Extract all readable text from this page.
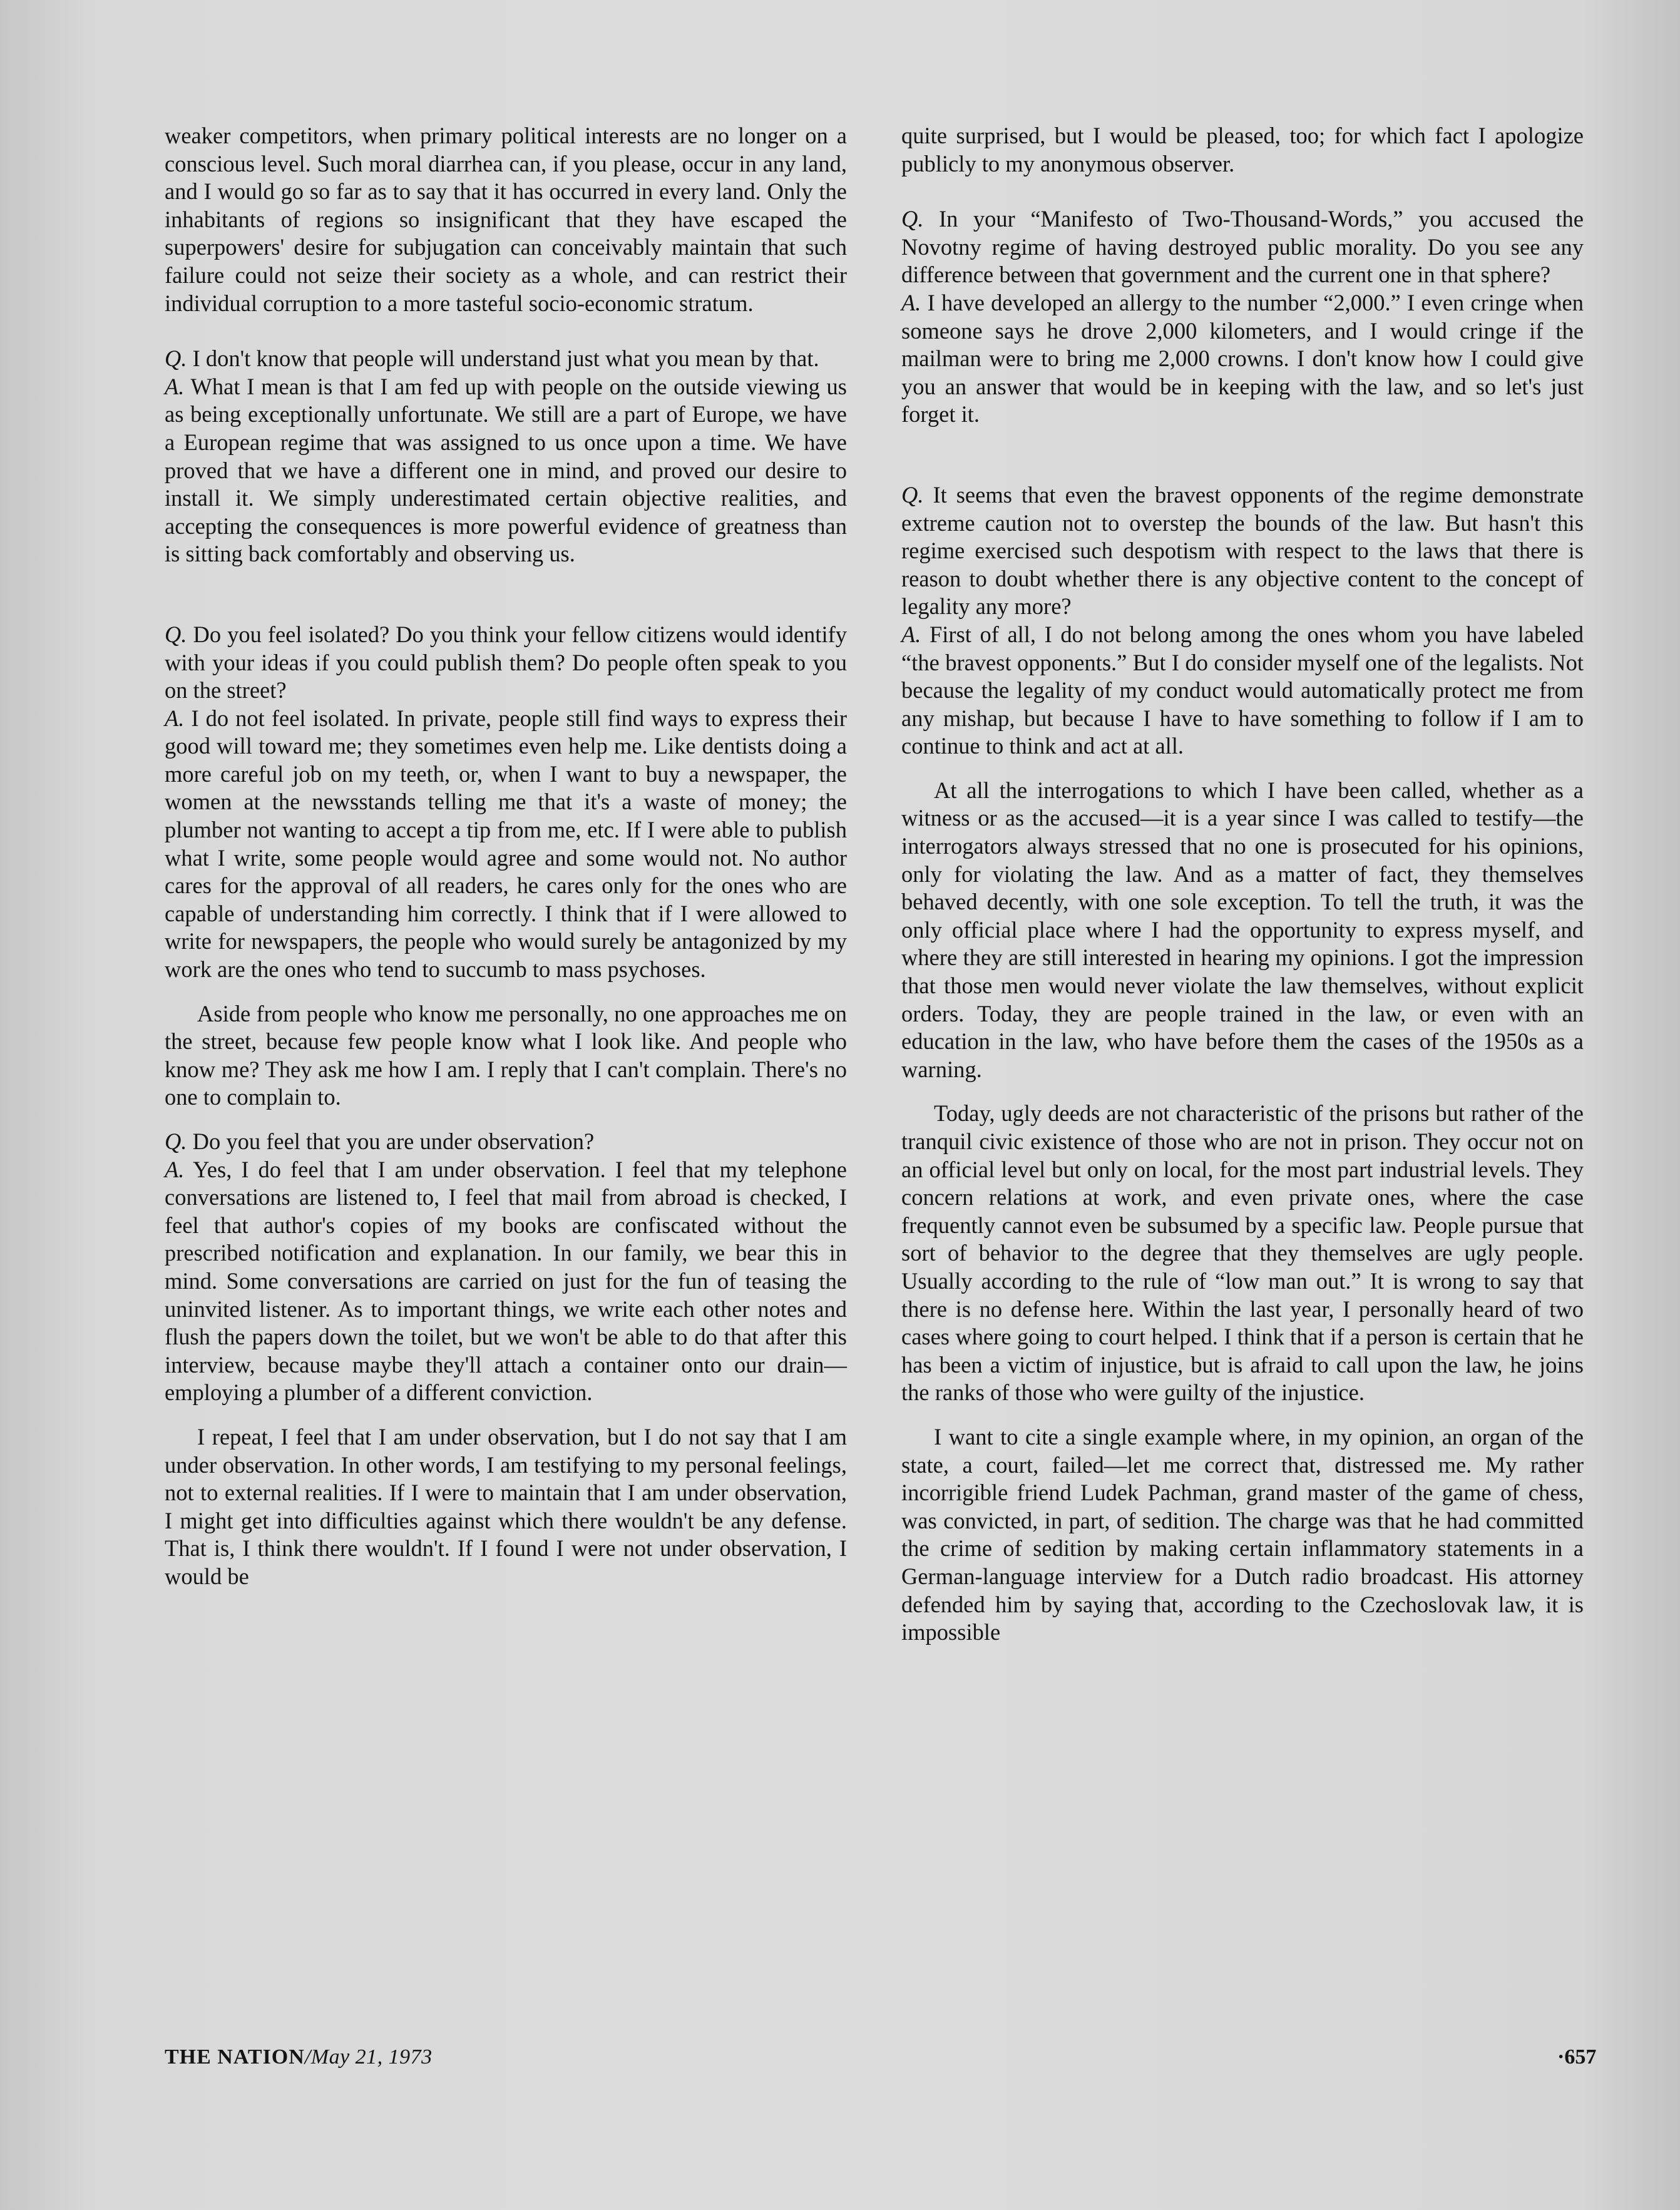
weaker competitors, when primary political interests are no longer on a conscious level. Such moral diarrhea can, if you please, occur in any land, and I would go so far as to say that it has occurred in every land. Only the inhabitants of regions so insignificant that they have escaped the superpowers' desire for subjugation can conceivably maintain that such failure could not seize their society as a whole, and can restrict their individual corruption to a more tasteful socio-economic stratum.

Q. I don't know that people will understand just what you mean by that.

A. What I mean is that I am fed up with people on the outside viewing us as being exceptionally unfortunate. We still are a part of Europe, we have a European regime that was assigned to us once upon a time. We have proved that we have a different one in mind, and proved our desire to install it. We simply underestimated certain objective realities, and accepting the consequences is more powerful evidence of greatness than is sitting back comfortably and observing us.

Q. Do you feel isolated? Do you think your fellow citizens would identify with your ideas if you could publish them? Do people often speak to you on the street?

A. I do not feel isolated. In private, people still find ways to express their good will toward me; they sometimes even help me. Like dentists doing a more careful job on my teeth, or, when I want to buy a newspaper, the women at the newsstands telling me that it's a waste of money; the plumber not wanting to accept a tip from me, etc. If I were able to publish what I write, some people would agree and some would not. No author cares for the approval of all readers, he cares only for the ones who are capable of understanding him correctly. I think that if I were allowed to write for newspapers, the people who would surely be antagonized by my work are the ones who tend to succumb to mass psychoses.

Aside from people who know me personally, no one approaches me on the street, because few people know what I look like. And people who know me? They ask me how I am. I reply that I can't complain. There's no one to complain to.

Q. Do you feel that you are under observation?

A. Yes, I do feel that I am under observation. I feel that my telephone conversations are listened to, I feel that mail from abroad is checked, I feel that author's copies of my books are confiscated without the prescribed notification and explanation. In our family, we bear this in mind. Some conversations are carried on just for the fun of teasing the uninvited listener. As to important things, we write each other notes and flush the papers down the toilet, but we won't be able to do that after this interview, because maybe they'll attach a container onto our drain—employing a plumber of a different conviction.

I repeat, I feel that I am under observation, but I do not say that I am under observation. In other words, I am testifying to my personal feelings, not to external realities. If I were to maintain that I am under observation, I might get into difficulties against which there wouldn't be any defense. That is, I think there wouldn't. If I found I were not under observation, I would be

quite surprised, but I would be pleased, too; for which fact I apologize publicly to my anonymous observer.

Q. In your “Manifesto of Two-Thousand-Words,” you accused the Novotny regime of having destroyed public morality. Do you see any difference between that government and the current one in that sphere?

A. I have developed an allergy to the number “2,000.” I even cringe when someone says he drove 2,000 kilometers, and I would cringe if the mailman were to bring me 2,000 crowns. I don't know how I could give you an answer that would be in keeping with the law, and so let's just forget it.

Q. It seems that even the bravest opponents of the regime demonstrate extreme caution not to overstep the bounds of the law. But hasn't this regime exercised such despotism with respect to the laws that there is reason to doubt whether there is any objective content to the concept of legality any more?

A. First of all, I do not belong among the ones whom you have labeled “the bravest opponents.” But I do consider myself one of the legalists. Not because the legality of my conduct would automatically protect me from any mishap, but because I have to have something to follow if I am to continue to think and act at all.

At all the interrogations to which I have been called, whether as a witness or as the accused—it is a year since I was called to testify—the interrogators always stressed that no one is prosecuted for his opinions, only for violating the law. And as a matter of fact, they themselves behaved decently, with one sole exception. To tell the truth, it was the only official place where I had the opportunity to express myself, and where they are still interested in hearing my opinions. I got the impression that those men would never violate the law themselves, without explicit orders. Today, they are people trained in the law, or even with an education in the law, who have before them the cases of the 1950s as a warning.

Today, ugly deeds are not characteristic of the prisons but rather of the tranquil civic existence of those who are not in prison. They occur not on an official level but only on local, for the most part industrial levels. They concern relations at work, and even private ones, where the case frequently cannot even be subsumed by a specific law. People pursue that sort of behavior to the degree that they themselves are ugly people. Usually according to the rule of “low man out.” It is wrong to say that there is no defense here. Within the last year, I personally heard of two cases where going to court helped. I think that if a person is certain that he has been a victim of injustice, but is afraid to call upon the law, he joins the ranks of those who were guilty of the injustice.

I want to cite a single example where, in my opinion, an organ of the state, a court, failed—let me correct that, distressed me. My rather incorrigible friend Ludek Pachman, grand master of the game of chess, was convicted, in part, of sedition. The charge was that he had committed the crime of sedition by making certain inflammatory statements in a German-language interview for a Dutch radio broadcast. His attorney defended him by saying that, according to the Czechoslovak law, it is impossible

THE NATION/May 21, 1973	·657
